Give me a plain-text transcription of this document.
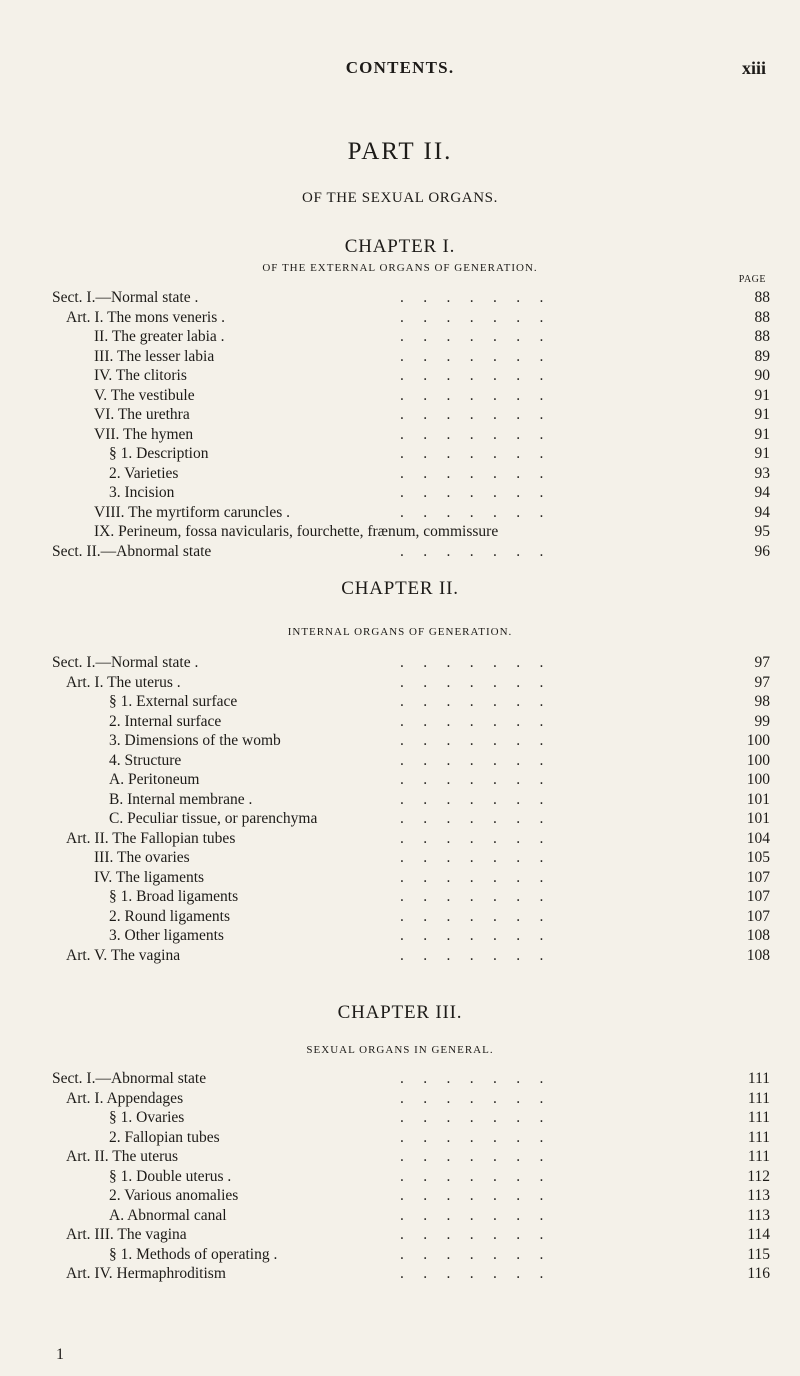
CONTENTS.	xiii
PART II.
OF THE SEXUAL ORGANS.
CHAPTER I.
OF THE EXTERNAL ORGANS OF GENERATION.
PAGE
Sect. I.—Normal state .	.     .     .     .     .     .     .	88
Art. I. The mons veneris .	.     .     .     .     .     .     .	88
II. The greater labia .	.     .     .     .     .     .     .	88
III. The lesser labia	.     .     .     .     .     .     .	89
IV. The clitoris	.     .     .     .     .     .     .	90
V. The vestibule	.     .     .     .     .     .     .	91
VI. The urethra	.     .     .     .     .     .     .	91
VII. The hymen	.     .     .     .     .     .     .	91
§ 1. Description	.     .     .     .     .     .     .	91
2. Varieties	.     .     .     .     .     .     .	93
3. Incision	.     .     .     .     .     .     .	94
VIII. The myrtiform caruncles .	.     .     .     .     .     .     .	94
IX. Perineum, fossa navicularis, fourchette, frænum, commissure	95
Sect. II.—Abnormal state	.     .     .     .     .     .     .	96
CHAPTER II.
INTERNAL ORGANS OF GENERATION.
Sect. I.—Normal state .	.     .     .     .     .     .     .	97
Art. I. The uterus .	.     .     .     .     .     .     .	97
§ 1. External surface	.     .     .     .     .     .     .	98
2. Internal surface	.     .     .     .     .     .     .	99
3. Dimensions of the womb	.     .     .     .     .     .     .	100
4. Structure	.     .     .     .     .     .     .	100
A. Peritoneum	.     .     .     .     .     .     .	100
B. Internal membrane .	.     .     .     .     .     .     .	101
C. Peculiar tissue, or parenchyma	.     .     .     .     .     .     .	101
Art. II. The Fallopian tubes	.     .     .     .     .     .     .	104
III. The ovaries	.     .     .     .     .     .     .	105
IV. The ligaments	.     .     .     .     .     .     .	107
§ 1. Broad ligaments	.     .     .     .     .     .     .	107
2. Round ligaments	.     .     .     .     .     .     .	107
3. Other ligaments	.     .     .     .     .     .     .	108
Art. V. The vagina	.     .     .     .     .     .     .	108
CHAPTER III.
SEXUAL ORGANS IN GENERAL.
Sect. I.—Abnormal state	.     .     .     .     .     .     .	111
Art. I. Appendages	.     .     .     .     .     .     .	111
§ 1. Ovaries	.     .     .     .     .     .     .	111
2. Fallopian tubes	.     .     .     .     .     .     .	111
Art. II. The uterus	.     .     .     .     .     .     .	111
§ 1. Double uterus .	.     .     .     .     .     .     .	112
2. Various anomalies	.     .     .     .     .     .     .	113
A. Abnormal canal	.     .     .     .     .     .     .	113
Art. III. The vagina	.     .     .     .     .     .     .	114
§ 1. Methods of operating .	.     .     .     .     .     .     .	115
Art. IV. Hermaphroditism	.     .     .     .     .     .     .	116
1
